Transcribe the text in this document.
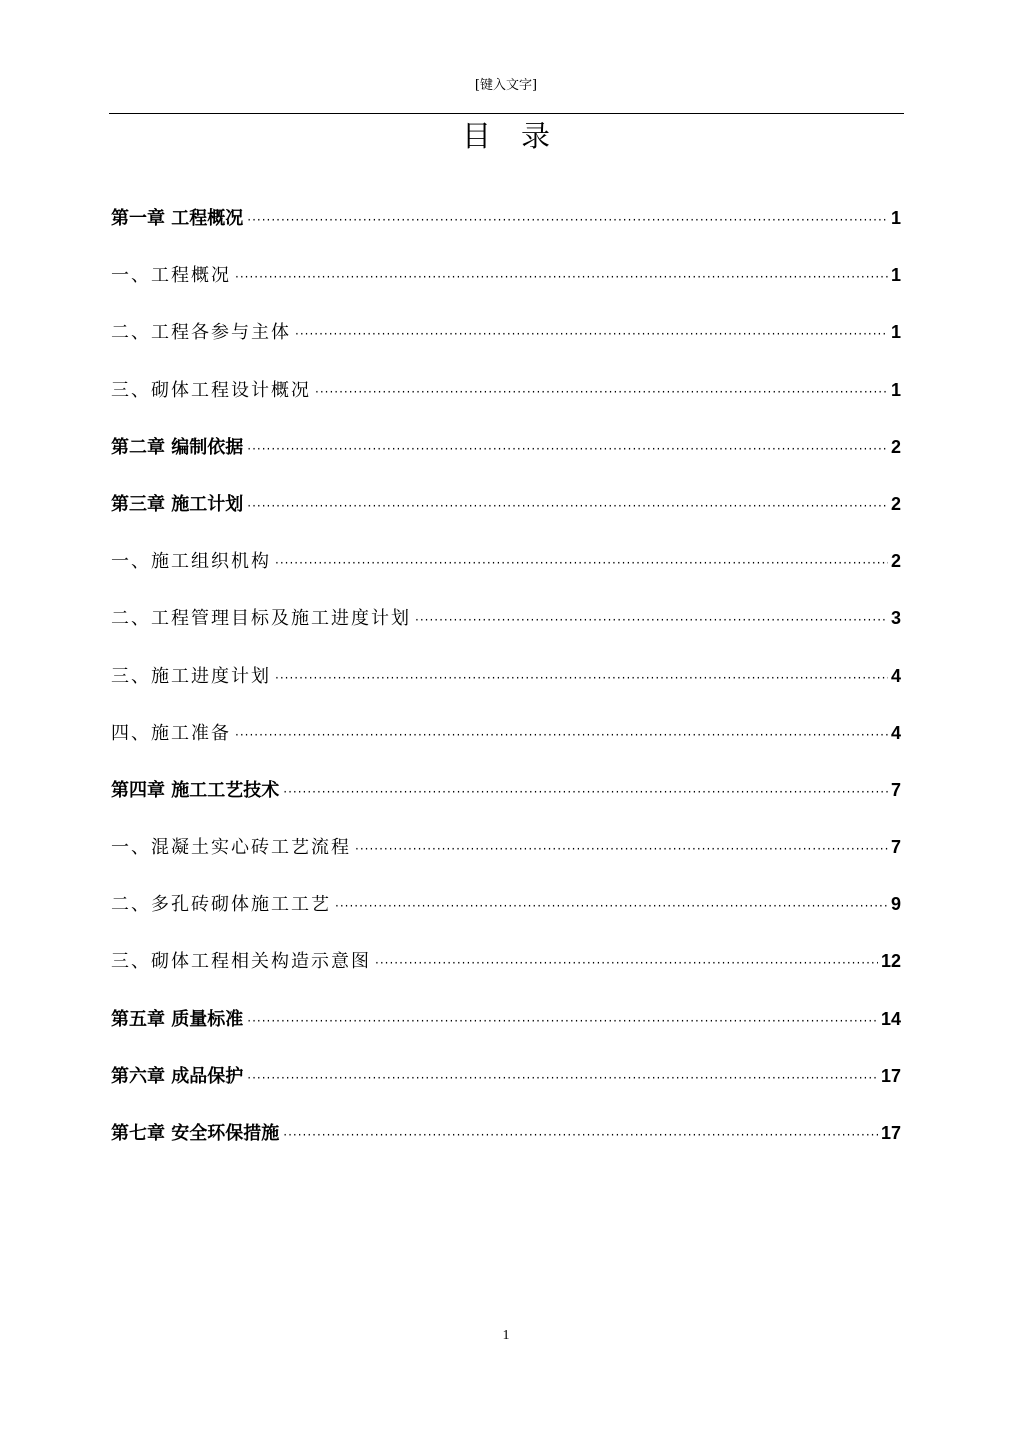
[键入文字]
目录
第一章 工程概况 ·····	1
一、工程概况 ·····	1
二、工程各参与主体 ·····	1
三、砌体工程设计概况 ·····	1
第二章 编制依据 ·····	2
第三章 施工计划 ·····	2
一、施工组织机构 ·····	2
二、工程管理目标及施工进度计划 ·····	3
三、施工进度计划 ·····	4
四、施工准备 ·····	4
第四章 施工工艺技术 ·····	7
一、混凝土实心砖工艺流程 ·····	7
二、多孔砖砌体施工工艺 ·····	9
三、砌体工程相关构造示意图 ·····	12
第五章 质量标准 ·····	14
第六章 成品保护 ·····	17
第七章 安全环保措施 ·····	17
1
